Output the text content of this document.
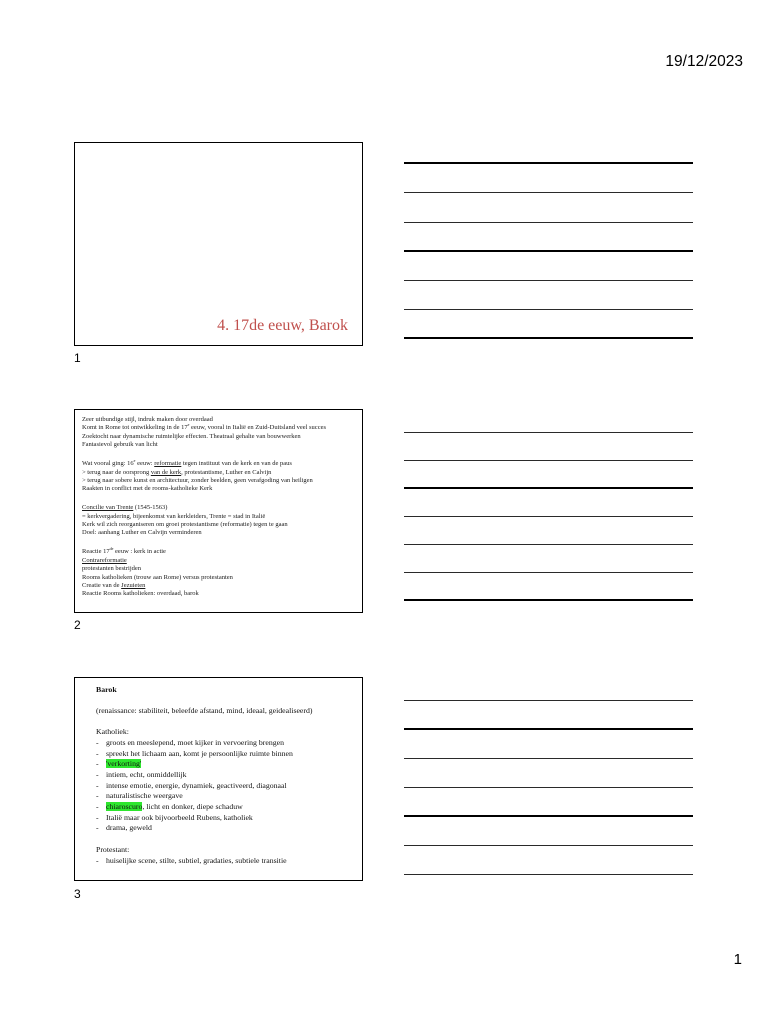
19/12/2023
4. 17de eeuw, Barok
1
Zeer uitbundige stijl, indruk maken door overdaad
Komt in Rome tot ontwikkeling in de 17e eeuw, vooral in Italië en Zuid-Duitsland veel succes
Zoektocht naar dynamische ruimtelijke effecten. Theatraal gehalte van bouwwerken
Fantasievol gebruik van licht
Wat vooral ging: 16e eeuw: reformatie tegen instituut van de kerk en van de paus
> terug naar de oorsprong van de kerk, protestantisme, Luther en Calvijn
> terug naar sobere kunst en architectuur, zonder beelden, geen verafgoding van heiligen
Raakten in conflict met de rooms-katholieke Kerk
Concilie van Trente (1545-1563)
= kerkvergadering, bijeenkomst van kerkleiders, Trente = stad in Italië
Kerk wil zich reorganiseren om groei protestantisme (reformatie) tegen te gaan
Doel: aanhang Luther en Calvijn verminderen
Reactie 17de eeuw : kerk in actie
Contrareformatie
protestanten bestrijden
Rooms katholieken (trouw aan Rome) versus protestanten
Creatie van de Jezuieten
Reactie Rooms katholieken: overdaad, barok
2
Barok
(renaissance: stabiliteit, beleefde afstand, mind, ideaal, geidealiseerd)
Katholiek:
- groots en meeslepend, moet kijker in vervoering brengen
- spreekt het lichaam aan, komt je persoonlijke ruimte binnen
- 'verkorting'
- intiem, echt, onmiddellijk
- intense emotie, energie, dynamiek, geactiveerd, diagonaal
- naturalistische weergave
- chiaroscuro, licht en donker, diepe schaduw
- Italië maar ook bijvoorbeeld Rubens, katholiek
- drama, geweld
Protestant:
- huiselijke scene, stilte, subtiel, gradaties, subtiele transitie
3
1
